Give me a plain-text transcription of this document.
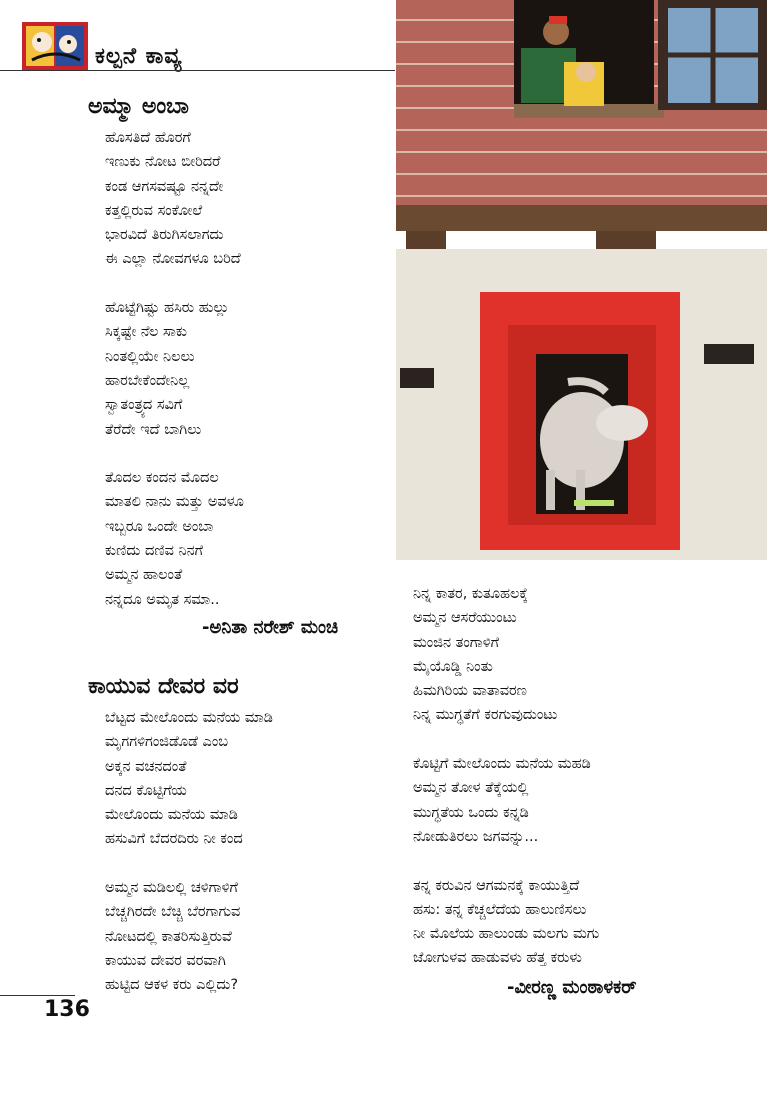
ಕಲ್ಪನೆ ಕಾವ್ಯ
ಅಮ್ಮಾ ಅಂಬಾ
ಹೊಸತಿದೆ ಹೊರಗೆ
ಇಣುಕು ನೋಟ ಬೀರಿದರೆ
ಕಂಡ ಆಗಸವಷ್ಟೂ ನನ್ನದೇ
ಕತ್ತಲ್ಲಿರುವ ಸಂಕೋಲೆ
ಭಾರವಿದೆ ತಿರುಗಿಸಲಾಗದು
ಈ ಎಲ್ಲಾ ನೋವಗಳೂ ಬರಿದೆ
ಹೊಟ್ಟೆಗಿಷ್ಟು ಹಸಿರು ಹುಲ್ಲು
ಸಿಕ್ಕಷ್ಟೇ ನೆಲ ಸಾಕು
ನಿಂತಲ್ಲಿಯೇ ನಿಲಲು
ಹಾರಬೇಕೆಂದೇನಿಲ್ಲ
ಸ್ವಾತಂತ್ರ್ಯದ ಸವಿಗೆ
ತೆರೆದೇ ಇದೆ ಬಾಗಿಲು
ತೊದಲ ಕಂದನ ಮೊದಲ
ಮಾತಲಿ ನಾನು ಮತ್ತು ಅವಳೂ
ಇಬ್ಬರೂ ಒಂದೇ ಅಂಬಾ
ಕುಣಿದು ದಣಿವ ನಿನಗೆ
ಅಮ್ಮನ ಹಾಲಂತೆ
ನನ್ನದೂ ಅಮೃತ ಸಮಾ..
-ಅನಿತಾ ನರೇಶ್ ಮಂಚಿ
ಕಾಯುವ ದೇವರ ವರ
ಬೆಟ್ಟದ ಮೇಲೊಂದು ಮನೆಯ ಮಾಡಿ
ಮೃಗಗಳಿಗಂಜಿಡೊಡೆ ಎಂಬ
ಅಕ್ಕನ ವಚನದಂತೆ
ದನದ ಕೊಟ್ಟಿಗೆಯ
ಮೇಲೊಂದು ಮನೆಯ ಮಾಡಿ
ಹಸುವಿಗೆ ಬೆದರದಿರು ನೀ ಕಂದ
ಅಮ್ಮನ ಮಡಿಲಲ್ಲಿ ಚಳಿಗಾಳಿಗೆ
ಬೆಚ್ಚಗಿರದೇ ಬೆಚ್ಚಿ ಬೆರಗಾಗುವ
ನೋಟದಲ್ಲಿ ಕಾತರಿಸುತ್ತಿರುವೆ
ಕಾಯುವ ದೇವರ ವರವಾಗಿ
ಹುಟ್ಟಿದ ಆಕಳ ಕರು ಎಲ್ಲಿದು?
ನಿನ್ನ ಕಾತರ, ಕುತೂಹಲಕ್ಕೆ
ಅಮ್ಮನ ಆಸರೆಯುಂಟು
ಮಂಜಿನ ತಂಗಾಳಿಗೆ
ಮೈಯೊಡ್ಡಿ ನಿಂತು
ಹಿಮಗಿರಿಯ ವಾತಾವರಣ
ನಿನ್ನ ಮುಗ್ಧತೆಗೆ ಕರಗುವುದುಂಟು
ಕೊಟ್ಟಿಗೆ ಮೇಲೊಂದು ಮನೆಯ ಮಹಡಿ
ಅಮ್ಮನ ತೋಳ ತೆಕ್ಕೆಯಲ್ಲಿ
ಮುಗ್ಧತೆಯ ಒಂದು ಕನ್ನಡಿ
ನೋಡುತಿರಲು ಜಗವನ್ನು...
ತನ್ನ ಕರುವಿನ ಆಗಮನಕ್ಕೆ ಕಾಯುತ್ತಿದೆ
ಹಸು: ತನ್ನ ಕೆಚ್ಚಲೆದೆಯ ಹಾಲುಣಿಸಲು
ನೀ ಮೊಲೆಯ ಹಾಲುಂಡು ಮಲಗು ಮಗು
ಜೋಗುಳವ ಹಾಡುವಳು ಹೆತ್ತ ಕರುಳು
-ವೀರಣ್ಣ ಮಂಠಾಳಕರ್
136
